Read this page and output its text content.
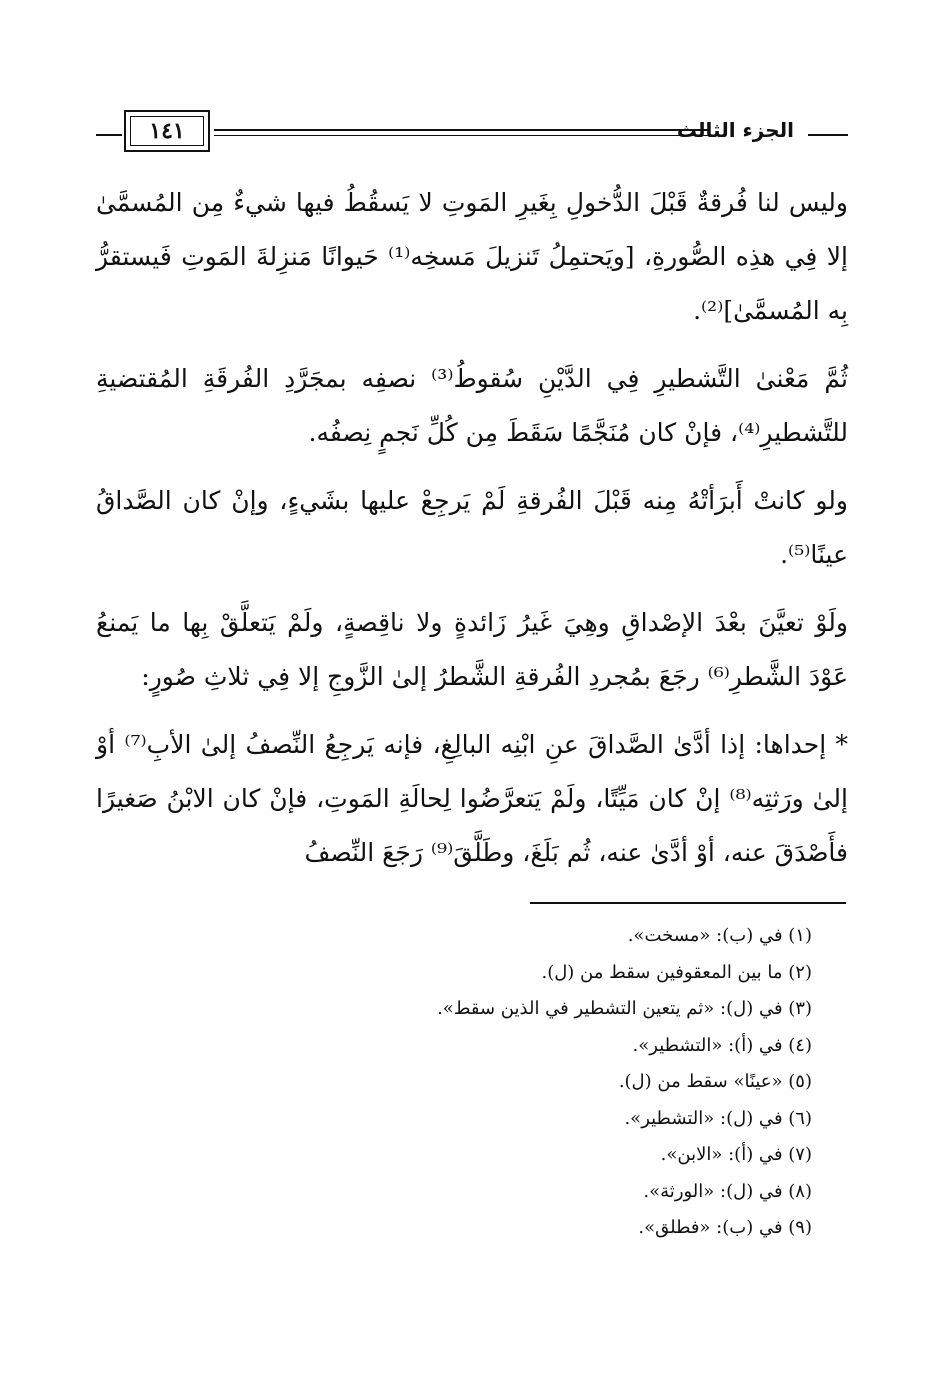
الجزء الثالث
١٤١

وليس لنا فُرقةٌ قَبْلَ الدُّخولِ بِغَيرِ المَوتِ لا يَسقُطُ فيها شيءٌ مِن المُسمَّىٰ إلا فِي هذِه الصُّورةِ، [ويَحتمِلُ تَنزيلَ مَسخِه⁽¹⁾ حَيوانًا مَنزِلةَ المَوتِ فَيستقرُّ بِه المُسمَّىٰ]⁽²⁾.

ثُمَّ مَعْنىٰ التَّشطيرِ فِي الدَّيْنِ سُقوطُ⁽³⁾ نصفِه بمجَرَّدِ الفُرقَةِ المُقتضيةِ للتَّشطيرِ⁽⁴⁾، فإنْ كان مُنَجَّمًا سَقَطَ مِن كُلِّ نَجمٍ نِصفُه.

ولو كانتْ أَبرَأتْهُ مِنه قَبْلَ الفُرقةِ لَمْ يَرجِعْ عليها بشَيءٍ، وإنْ كان الصَّداقُ عينًا⁽⁵⁾.

ولَوْ تعيَّنَ بعْدَ الإصْداقِ وهِيَ غَيرُ زَائدةٍ ولا ناقِصةٍ، ولَمْ يَتعلَّقْ بِها ما يَمنعُ عَوْدَ الشَّطرِ⁽⁶⁾ رجَعَ بمُجردِ الفُرقةِ الشَّطرُ إلىٰ الزَّوجِ إلا فِي ثلاثِ صُورٍ:

* إحداها: إذا أدَّىٰ الصَّداقَ عنِ ابْنِه البالِغِ، فإنه يَرجِعُ النِّصفُ إلىٰ الأبِ⁽⁷⁾ أوْ إلىٰ ورَثتِه⁽⁸⁾ إنْ كان مَيِّتًا، ولَمْ يَتعرَّضُوا لِحالَةِ المَوتِ، فإنْ كان الابْنُ صَغيرًا فأَصْدَقَ عنه، أوْ أدَّىٰ عنه، ثُم بَلَغَ، وطَلَّقَ⁽⁹⁾ رَجَعَ النِّصفُ

(١) في (ب): «مسخت».
(٢) ما بين المعقوفين سقط من (ل).
(٣) في (ل): «ثم يتعين التشطير في الذين سقط».
(٤) في (أ): «التشطير».
(٥) «عينًا» سقط من (ل).
(٦) في (ل): «التشطير».
(٧) في (أ): «الابن».
(٨) في (ل): «الورثة».
(٩) في (ب): «فطلق».
